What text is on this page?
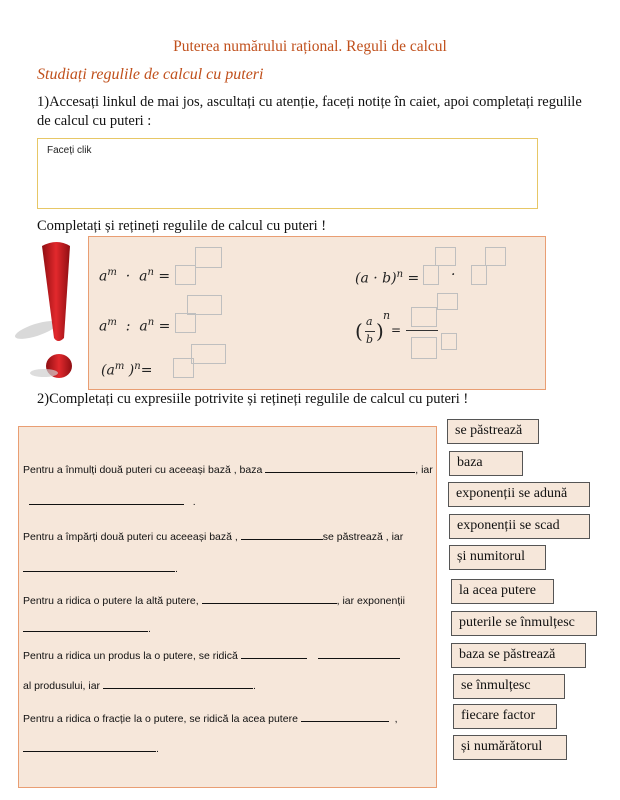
Puterea numărului rațional. Reguli de calcul
Studiați regulile de calcul cu puteri
1)Accesați linkul de mai jos, ascultați cu atenție, faceți notițe în caiet, apoi completați regulile de calcul cu puteri :
Faceți clik
Completați și rețineți regulile de calcul cu puteri !
$a^m \cdot a^n$ =
$a^m$ : $a^n$ =
($a^m$ )$^n$=
$(a \cdot b)^n$ = ·
( a
b )
n
=
2)Completați cu expresiile potrivite și rețineți regulile de calcul cu puteri !
Pentru a înmulți două puteri cu aceeași bază , baza	, iar
.
Pentru a împărți două puteri cu aceeași bază ,	se păstrează , iar
.
Pentru a ridica o putere la altă putere,	, iar exponenții
.
Pentru a ridica un produs la o putere, se ridică
al produsului, iar	.
Pentru a ridica o fracție la o putere, se ridică la acea putere	,
.
se păstrează
baza
exponenții se adună
exponenții se scad
și numitorul
la acea putere
puterile se înmulțesc
baza se păstrează
se înmulțesc
fiecare factor
și numărătorul
